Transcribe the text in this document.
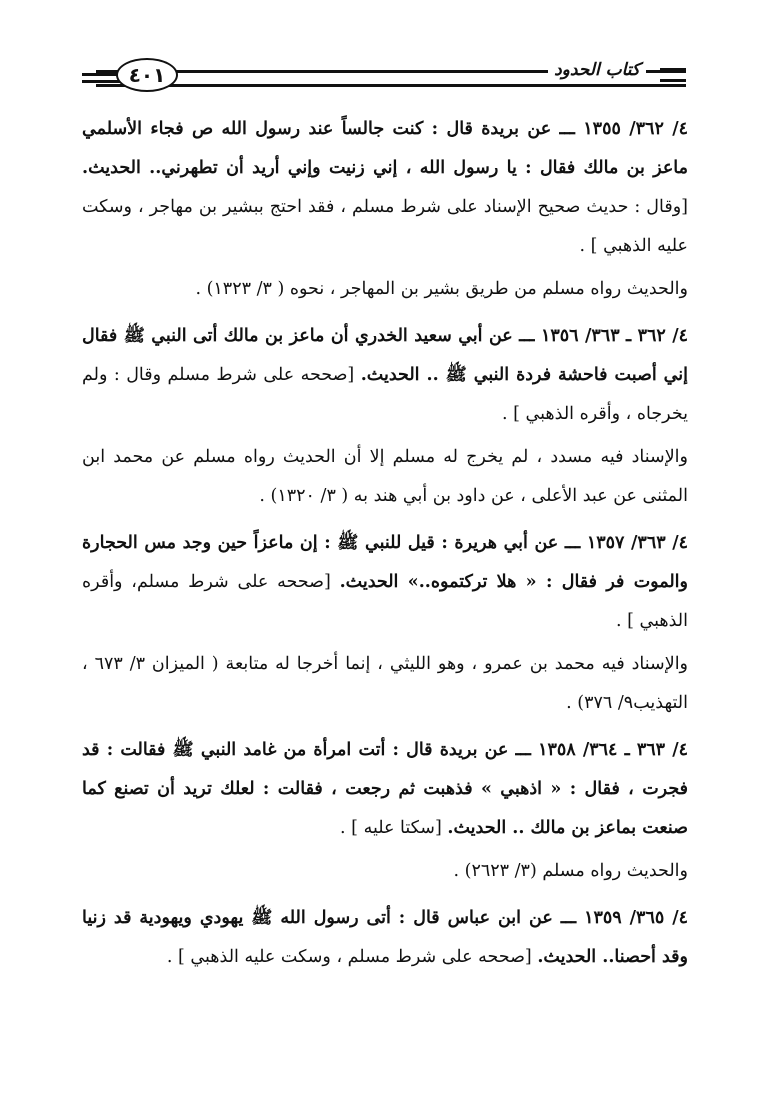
٤٠١	كتاب الحدود

٤/ ٣٦٢/ ١٣٥٥ ـــ عن بريدة قال : كنت جالساً عند رسول الله ص فجاء الأسلمي ماعز بن مالك فقال : يا رسول الله ، إني زنيت وإني أريد أن تطهرني.. الحديث. [وقال : حديث صحيح الإسناد على شرط مسلم ، فقد احتج ببشير بن مهاجر ، وسكت عليه الذهبي ] .

والحديث رواه مسلم من طريق بشير بن المهاجر ، نحوه ( ٣/ ١٣٢٣) .

٤/ ٣٦٢ ـ ٣٦٣/ ١٣٥٦ ـــ عن أبي سعيد الخدري أن ماعز بن مالك أتى النبي ﷺ فقال إني أصبت فاحشة فردة النبي ﷺ .. الحديث. [صححه على شرط مسلم وقال : ولم يخرجاه ، وأقره الذهبي ] .

والإسناد فيه مسدد ، لم يخرج له مسلم إلا أن الحديث رواه مسلم عن محمد ابن المثنى عن عبد الأعلى ، عن داود بن أبي هند به ( ٣/ ١٣٢٠) .

٤/ ٣٦٣/ ١٣٥٧ ـــ عن أبي هريرة : قيل للنبي ﷺ : إن ماعزاً حين وجد مس الحجارة والموت فر فقال : « هلا تركتموه..» الحديث. [صححه على شرط مسلم، وأقره الذهبي ] .

والإسناد فيه محمد بن عمرو ، وهو الليثي ، إنما أخرجا له متابعة ( الميزان ٣/ ٦٧٣ ، التهذيب٩/ ٣٧٦) .

٤/ ٣٦٣ ـ ٣٦٤/ ١٣٥٨ ـــ عن بريدة قال : أتت امرأة من غامد النبي ﷺ فقالت : قد فجرت ، فقال : « اذهبي » فذهبت ثم رجعت ، فقالت : لعلك تريد أن تصنع كما صنعت بماعز بن مالك .. الحديث. [سكتا عليه ] .

والحديث رواه مسلم (٣/ ٢٦٢٣) .

٤/ ٣٦٥/ ١٣٥٩ ـــ عن ابن عباس قال : أتى رسول الله ﷺ يهودي ويهودية قد زنيا وقد أحصنا.. الحديث. [صححه على شرط مسلم ، وسكت عليه الذهبي ] .
